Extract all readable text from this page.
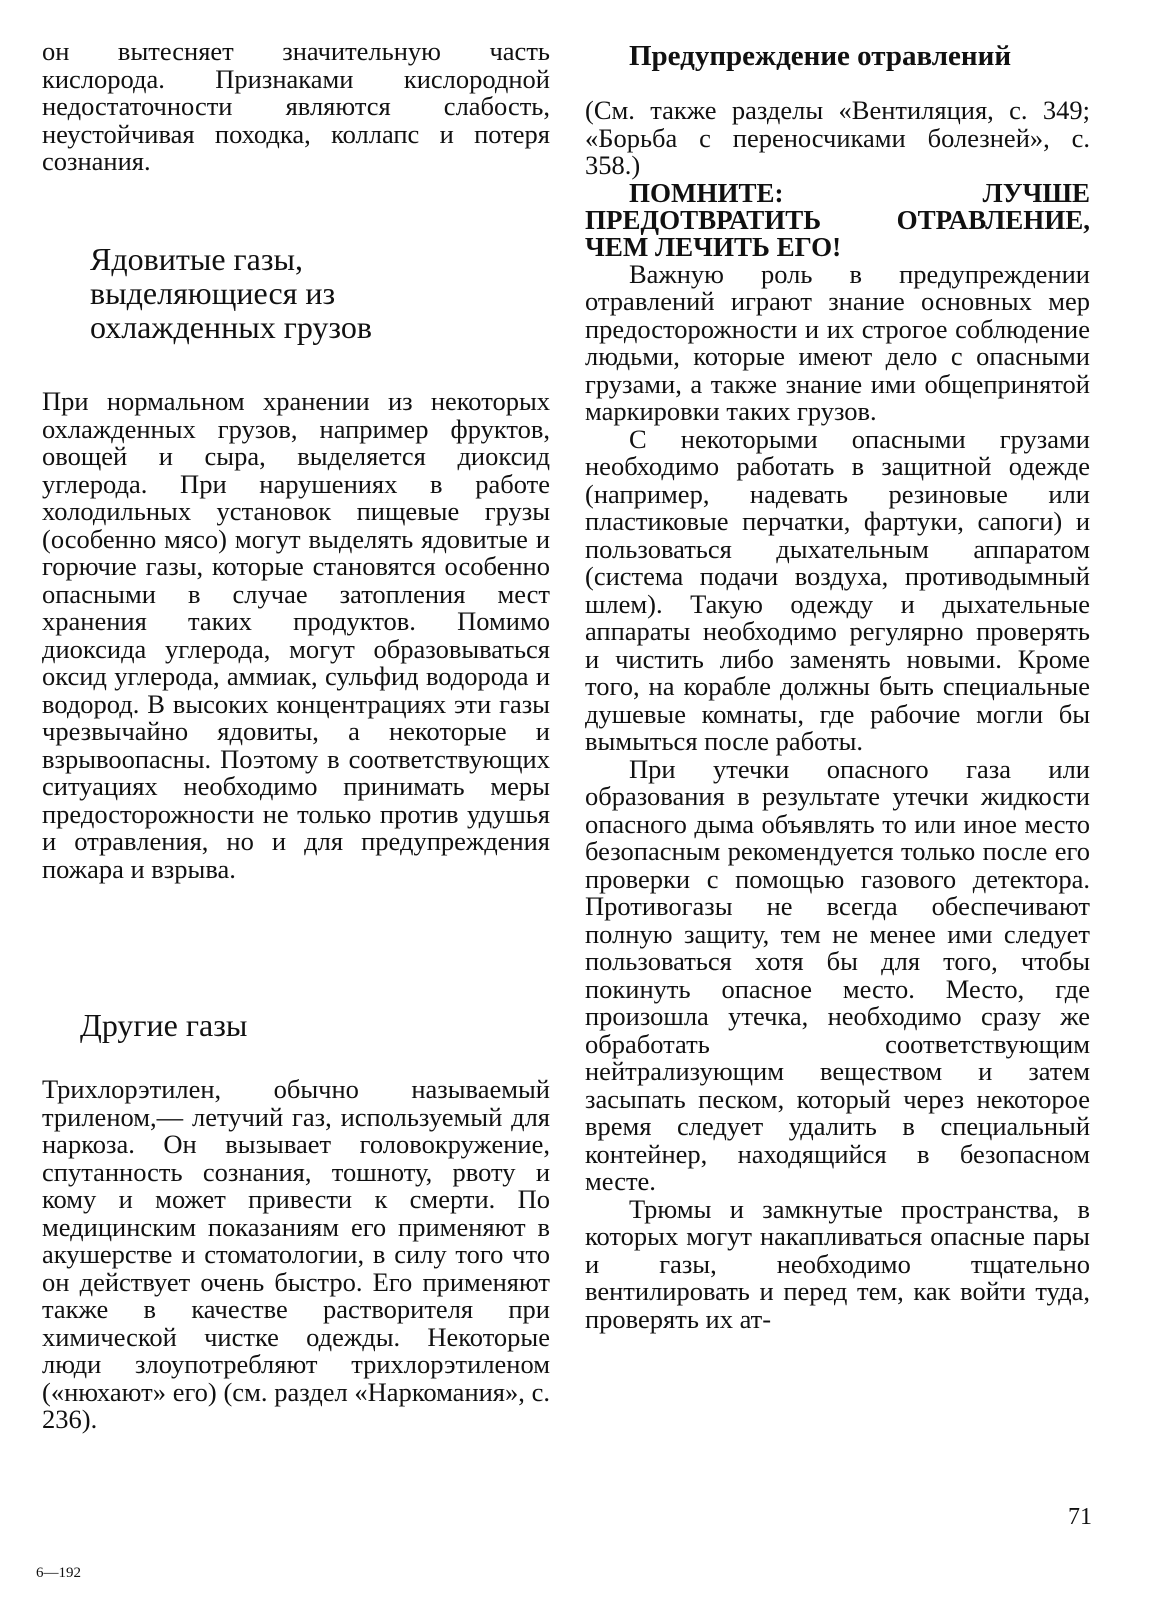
он вытесняет значительную часть кислорода. Признаками кислородной недостаточности являются слабость, неустойчивая походка, коллапс и потеря сознания.

Ядовитые газы, выделяющиеся из охлажденных грузов

При нормальном хранении из некоторых охлажденных грузов, например фруктов, овощей и сыра, выделяется диоксид углерода. При нарушениях в работе холодильных установок пищевые грузы (особенно мясо) могут выделять ядовитые и горючие газы, которые становятся особенно опасными в случае затопления мест хранения таких продуктов. Помимо диоксида углерода, могут образовываться оксид углерода, аммиак, сульфид водорода и водород. В высоких концентрациях эти газы чрезвычайно ядовиты, а некоторые и взрывоопасны. Поэтому в соответствующих ситуациях необходимо принимать меры предосторожности не только против удушья и отравления, но и для предупреждения пожара и взрыва.

Другие газы

Трихлорэтилен, обычно называемый триленом,— летучий газ, используемый для наркоза. Он вызывает головокружение, спутанность сознания, тошноту, рвоту и кому и может привести к смерти. По медицинским показаниям его применяют в акушерстве и стоматологии, в силу того что он действует очень быстро. Его применяют также в качестве растворителя при химической чистке одежды. Некоторые люди злоупотребляют трихлорэтиленом («нюхают» его) (см. раздел «Наркомания», с. 236).

Предупреждение отравлений

(См. также разделы «Вентиляция, с. 349; «Борьба с переносчиками болезней», с. 358.)

ПОМНИТЕ: ЛУЧШЕ ПРЕДОТВРАТИТЬ ОТРАВЛЕНИЕ, ЧЕМ ЛЕЧИТЬ ЕГО!

Важную роль в предупреждении отравлений играют знание основных мер предосторожности и их строгое соблюдение людьми, которые имеют дело с опасными грузами, а также знание ими общепринятой маркировки таких грузов.

С некоторыми опасными грузами необходимо работать в защитной одежде (например, надевать резиновые или пластиковые перчатки, фартуки, сапоги) и пользоваться дыхательным аппаратом (система подачи воздуха, противодымный шлем). Такую одежду и дыхательные аппараты необходимо регулярно проверять и чистить либо заменять новыми. Кроме того, на корабле должны быть специальные душевые комнаты, где рабочие могли бы вымыться после работы.

При утечки опасного газа или образования в результате утечки жидкости опасного дыма объявлять то или иное место безопасным рекомендуется только после его проверки с помощью газового детектора. Противогазы не всегда обеспечивают полную защиту, тем не менее ими следует пользоваться хотя бы для того, чтобы покинуть опасное место. Место, где произошла утечка, необходимо сразу же обработать соответствующим нейтрализующим веществом и затем засыпать песком, который через некоторое время следует удалить в специальный контейнер, находящийся в безопасном месте.

Трюмы и замкнутые пространства, в которых могут накапливаться опасные пары и газы, необходимо тщательно вентилировать и перед тем, как войти туда, проверять их ат-

71

6—192
